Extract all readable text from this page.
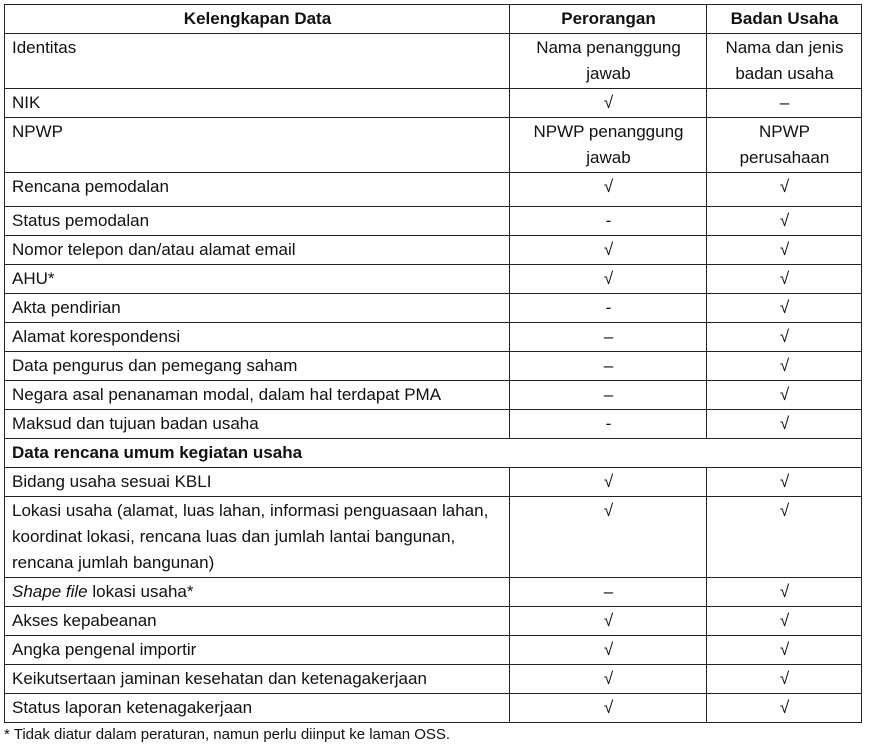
Kelengkapan Data	Perorangan	Badan Usaha
Identitas	Nama penanggung jawab	Nama dan jenis badan usaha
NIK	√	–
NPWP	NPWP penanggung jawab	NPWP perusahaan
Rencana pemodalan	√	√
Status pemodalan	-	√
Nomor telepon dan/atau alamat email	√	√
AHU*	√	√
Akta pendirian	-	√
Alamat korespondensi	–	√
Data pengurus dan pemegang saham	–	√
Negara asal penanaman modal, dalam hal terdapat PMA	–	√
Maksud dan tujuan badan usaha	-	√
Data rencana umum kegiatan usaha		
Bidang usaha sesuai KBLI	√	√
Lokasi usaha (alamat, luas lahan, informasi penguasaan lahan, koordinat lokasi, rencana luas dan jumlah lantai bangunan, rencana jumlah bangunan)	√	√
Shape file lokasi usaha*	–	√
Akses kepabeanan	√	√
Angka pengenal importir	√	√
Keikutsertaan jaminan kesehatan dan ketenagakerjaan	√	√
Status laporan ketenagakerjaan	√	√
* Tidak diatur dalam peraturan, namun perlu diinput ke laman OSS.
